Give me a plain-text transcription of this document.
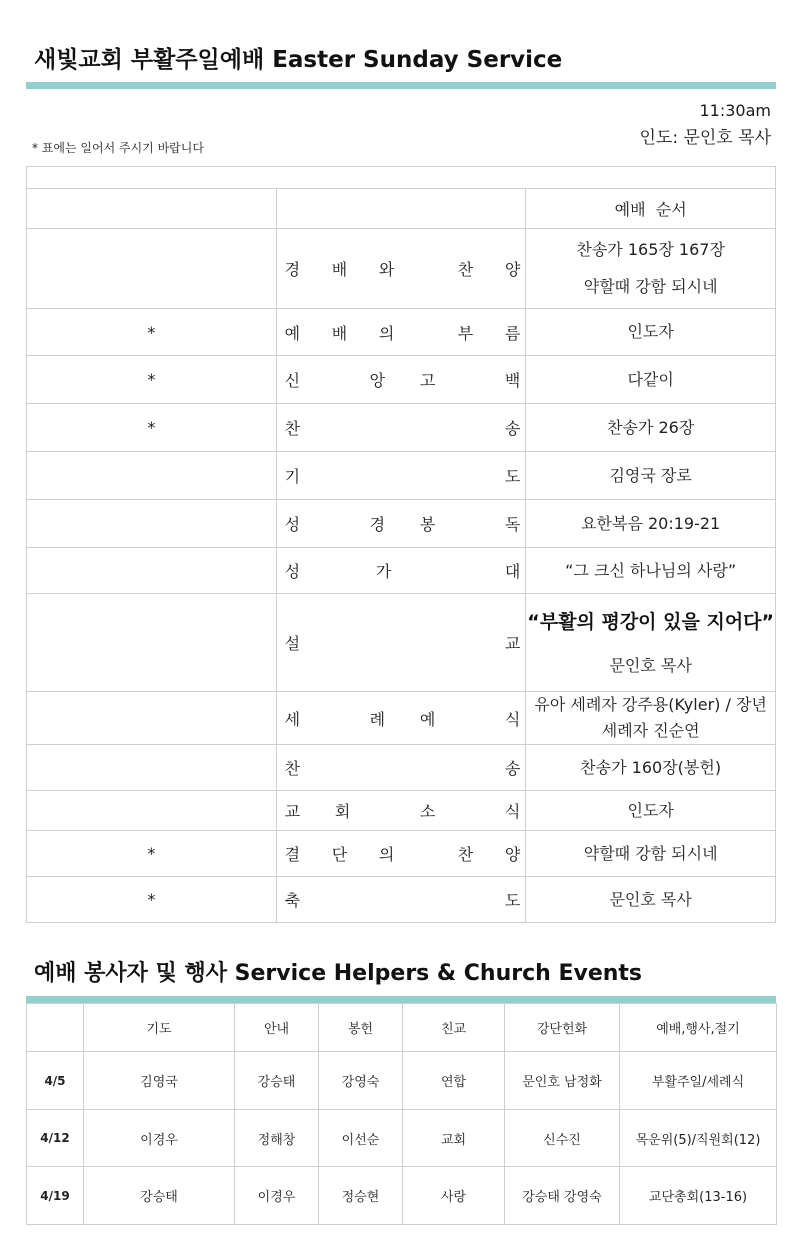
새빛교회 부활주일예배 Easter Sunday Service
11:30am
인도: 문인호 목사
* 표에는 일어서 주시기 바랍니다

		예배  순서

	경 배 와 찬 양	찬송가 165장 167장
약할때 강함 되시네

*	예 배 의 부 름	인도자

*	신 앙 고 백	다같이

*	찬 송	찬송가 26장

	기 도	김영국 장로

	성 경 봉 독	요한복음 20:19-21

	성 가 대	“그 크신 하나님의 사랑”

	설 교	“부활의 평강이 있을 지어다”
문인호 목사

	세 례 예 식	유아 세례자 강주용(Kyler) / 장년 세례자 진순연

	찬 송	찬송가 160장(봉헌)

	교 회 소 식	인도자

*	결 단 의 찬 양	약할때 강함 되시네

*	축 도	문인호 목사
예배 봉사자 및 행사 Service Helpers & Church Events
	기도	안내	봉헌	친교	강단헌화	예배,행사,절기
4/5	김영국	강승태	강영숙	연합	문인호 남정화	부활주일/세례식
4/12	이경우	정해창	이선순	교회	신수진	목운위(5)/직원회(12)
4/19	강승태	이경우	정승현	사랑	강승태 강영숙	교단총회(13-16)
